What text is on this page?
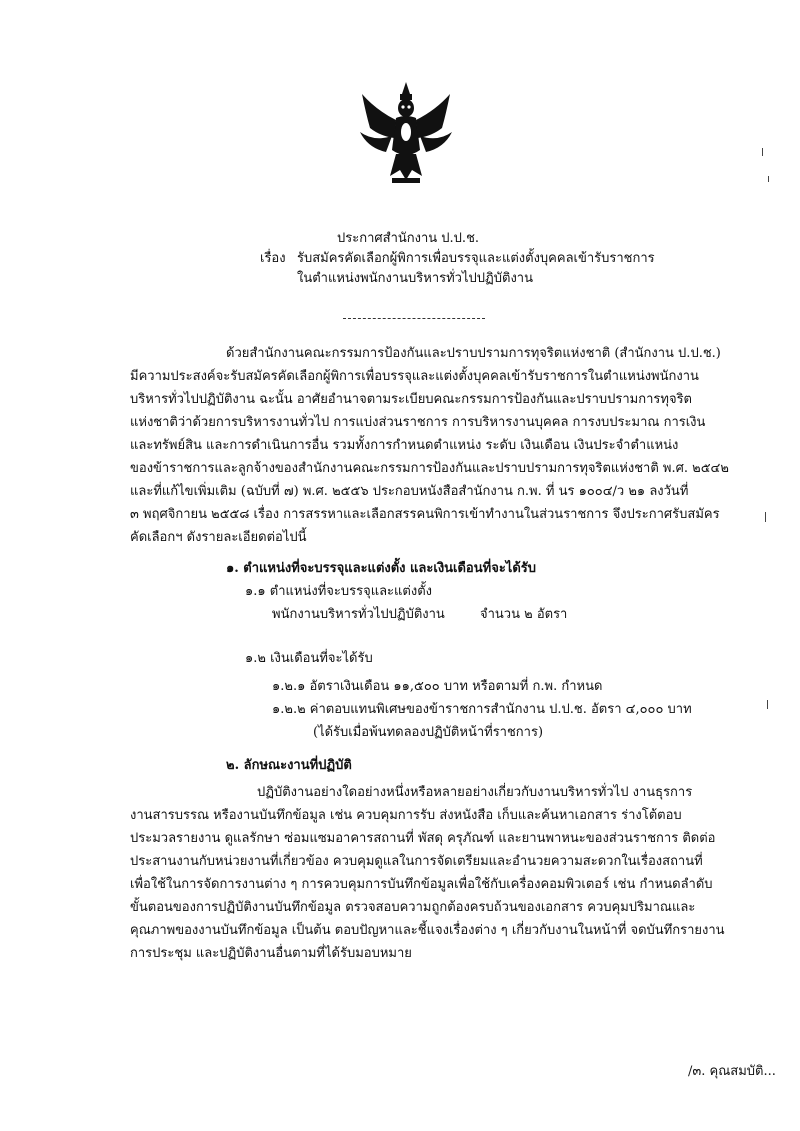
ประกาศสำนักงาน ป.ป.ช.
เรื่อง รับสมัครคัดเลือกผู้พิการเพื่อบรรจุและแต่งตั้งบุคคลเข้ารับราชการ
ในตำแหน่งพนักงานบริหารทั่วไปปฏิบัติงาน
ด้วยสำนักงานคณะกรรมการป้องกันและปราบปรามการทุจริตแห่งชาติ (สำนักงาน ป.ป.ช.)
มีความประสงค์จะรับสมัครคัดเลือกผู้พิการเพื่อบรรจุและแต่งตั้งบุคคลเข้ารับราชการในตำแหน่งพนักงาน
บริหารทั่วไปปฏิบัติงาน ฉะนั้น อาศัยอำนาจตามระเบียบคณะกรรมการป้องกันและปราบปรามการทุจริต
แห่งชาติว่าด้วยการบริหารงานทั่วไป การแบ่งส่วนราชการ การบริหารงานบุคคล การงบประมาณ การเงิน
และทรัพย์สิน และการดำเนินการอื่น รวมทั้งการกำหนดตำแหน่ง ระดับ เงินเดือน เงินประจำตำแหน่ง
ของข้าราชการและลูกจ้างของสำนักงานคณะกรรมการป้องกันและปราบปรามการทุจริตแห่งชาติ พ.ศ. ๒๕๔๒
และที่แก้ไขเพิ่มเติม (ฉบับที่ ๗) พ.ศ. ๒๕๕๖ ประกอบหนังสือสำนักงาน ก.พ. ที่ นร ๑๐๐๔/ว ๒๑ ลงวันที่
๓ พฤศจิกายน ๒๕๕๘ เรื่อง การสรรหาและเลือกสรรคนพิการเข้าทำงานในส่วนราชการ จึงประกาศรับสมัคร
คัดเลือกฯ ดังรายละเอียดต่อไปนี้
๑. ตำแหน่งที่จะบรรจุและแต่งตั้ง และเงินเดือนที่จะได้รับ
๑.๑ ตำแหน่งที่จะบรรจุและแต่งตั้ง
พนักงานบริหารทั่วไปปฏิบัติงาน	จำนวน ๒ อัตรา
๑.๒ เงินเดือนที่จะได้รับ
๑.๒.๑ อัตราเงินเดือน ๑๑,๕๐๐ บาท หรือตามที่ ก.พ. กำหนด
๑.๒.๒ ค่าตอบแทนพิเศษของข้าราชการสำนักงาน ป.ป.ช. อัตรา ๔,๐๐๐ บาท
(ได้รับเมื่อพ้นทดลองปฏิบัติหน้าที่ราชการ)
๒. ลักษณะงานที่ปฏิบัติ
ปฏิบัติงานอย่างใดอย่างหนึ่งหรือหลายอย่างเกี่ยวกับงานบริหารทั่วไป งานธุรการ
งานสารบรรณ หรืองานบันทึกข้อมูล เช่น ควบคุมการรับ ส่งหนังสือ เก็บและค้นหาเอกสาร ร่างโต้ตอบ
ประมวลรายงาน ดูแลรักษา ซ่อมแซมอาคารสถานที่ พัสดุ ครุภัณฑ์ และยานพาหนะของส่วนราชการ ติดต่อ
ประสานงานกับหน่วยงานที่เกี่ยวข้อง ควบคุมดูแลในการจัดเตรียมและอำนวยความสะดวกในเรื่องสถานที่
เพื่อใช้ในการจัดการงานต่าง ๆ การควบคุมการบันทึกข้อมูลเพื่อใช้กับเครื่องคอมพิวเตอร์ เช่น กำหนดลำดับ
ขั้นตอนของการปฏิบัติงานบันทึกข้อมูล ตรวจสอบความถูกต้องครบถ้วนของเอกสาร ควบคุมปริมาณและ
คุณภาพของงานบันทึกข้อมูล เป็นต้น ตอบปัญหาและชี้แจงเรื่องต่าง ๆ เกี่ยวกับงานในหน้าที่ จดบันทึกรายงาน
การประชุม และปฏิบัติงานอื่นตามที่ได้รับมอบหมาย
/๓. คุณสมบัติ...
